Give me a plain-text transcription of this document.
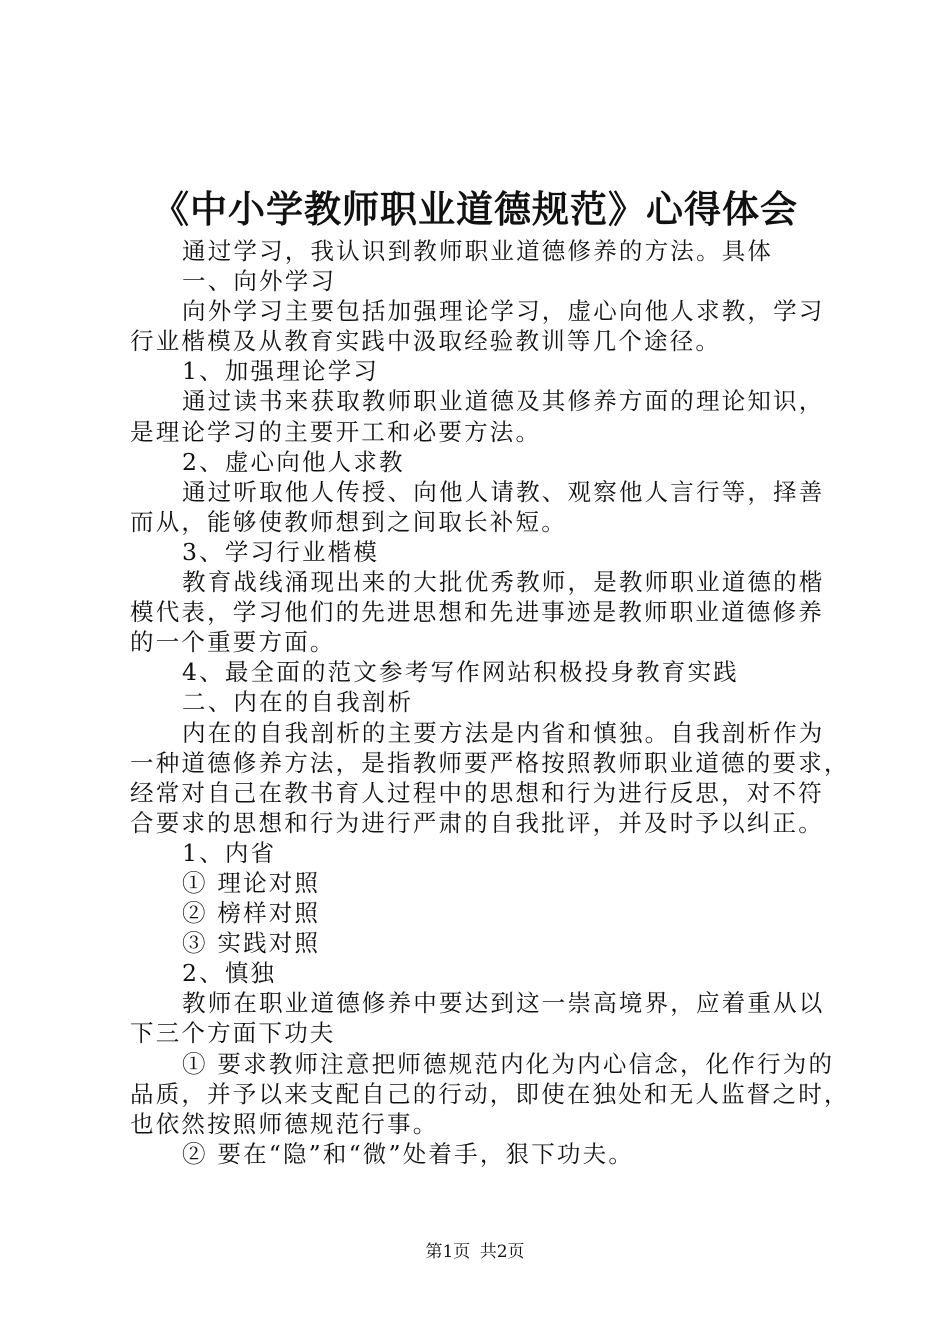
《中小学教师职业道德规范》心得体会
通过学习，我认识到教师职业道德修养的方法。具体
一、向外学习
向外学习主要包括加强理论学习，虚心向他人求教，学习
行业楷模及从教育实践中汲取经验教训等几个途径。
1、加强理论学习
通过读书来获取教师职业道德及其修养方面的理论知识，
是理论学习的主要开工和必要方法。
2、虚心向他人求教
通过听取他人传授、向他人请教、观察他人言行等，择善
而从，能够使教师想到之间取长补短。
3、学习行业楷模
教育战线涌现出来的大批优秀教师，是教师职业道德的楷
模代表，学习他们的先进思想和先进事迹是教师职业道德修养
的一个重要方面。
4、最全面的范文参考写作网站积极投身教育实践
二、内在的自我剖析
内在的自我剖析的主要方法是内省和慎独。自我剖析作为
一种道德修养方法，是指教师要严格按照教师职业道德的要求，
经常对自己在教书育人过程中的思想和行为进行反思，对不符
合要求的思想和行为进行严肃的自我批评，并及时予以纠正。
1、内省
① 理论对照
② 榜样对照
③ 实践对照
2、慎独
教师在职业道德修养中要达到这一崇高境界，应着重从以
下三个方面下功夫
① 要求教师注意把师德规范内化为内心信念，化作行为的
品质，并予以来支配自己的行动，即使在独处和无人监督之时，
也依然按照师德规范行事。
② 要在“隐”和“微”处着手，狠下功夫。
第1页 共2页
